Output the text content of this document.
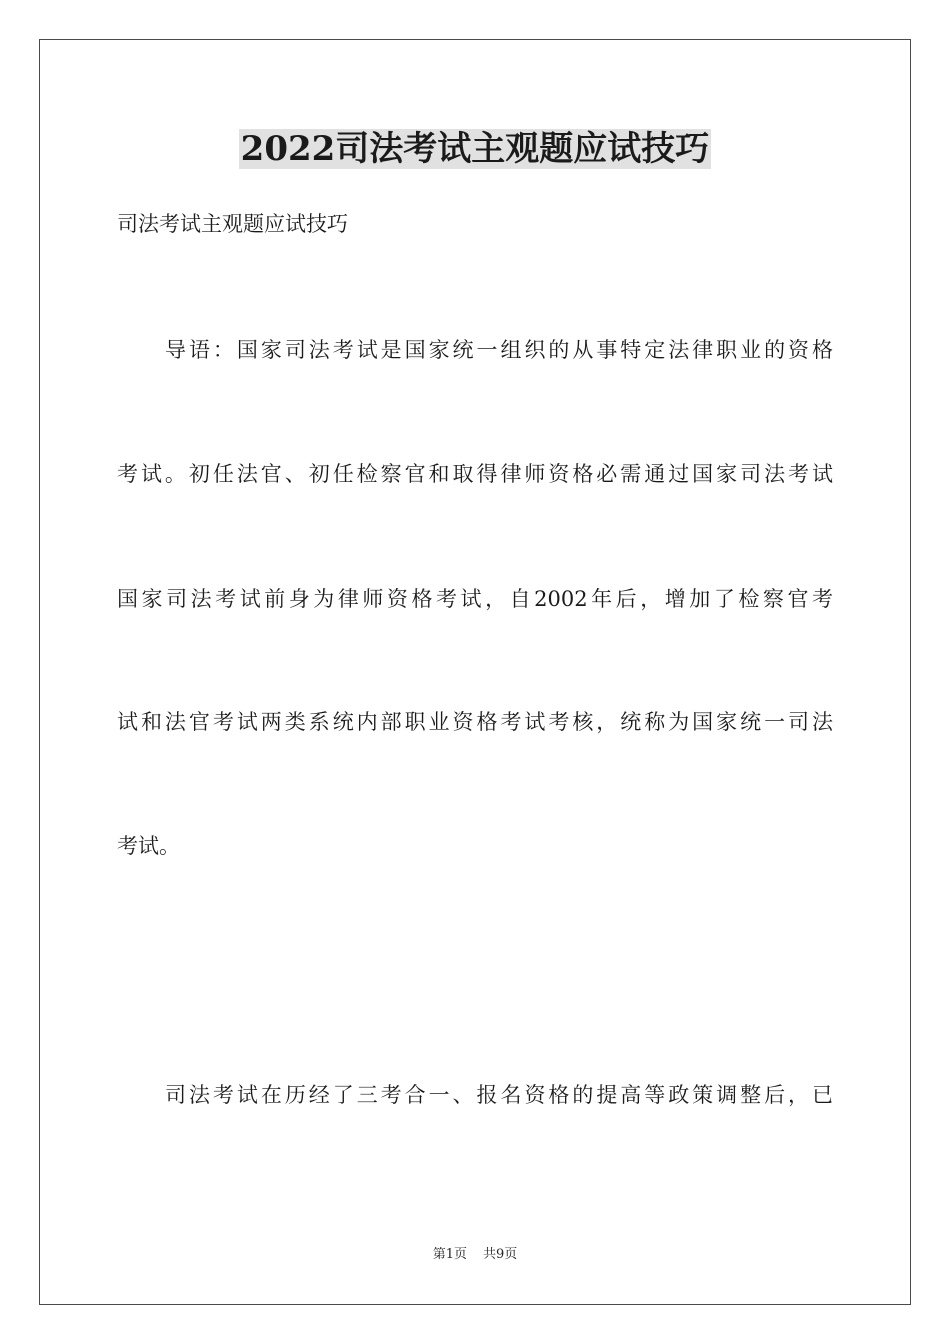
2022司法考试主观题应试技巧
司法考试主观题应试技巧
导语：国家司法考试是国家统一组织的从事特定法律职业的资格
考试。初任法官、初任检察官和取得律师资格必需通过国家司法考试
国家司法考试前身为律师资格考试，自2002年后，增加了检察官考
试和法官考试两类系统内部职业资格考试考核，统称为国家统一司法
考试。
司法考试在历经了三考合一、报名资格的提高等政策调整后，已
第1页 共9页
